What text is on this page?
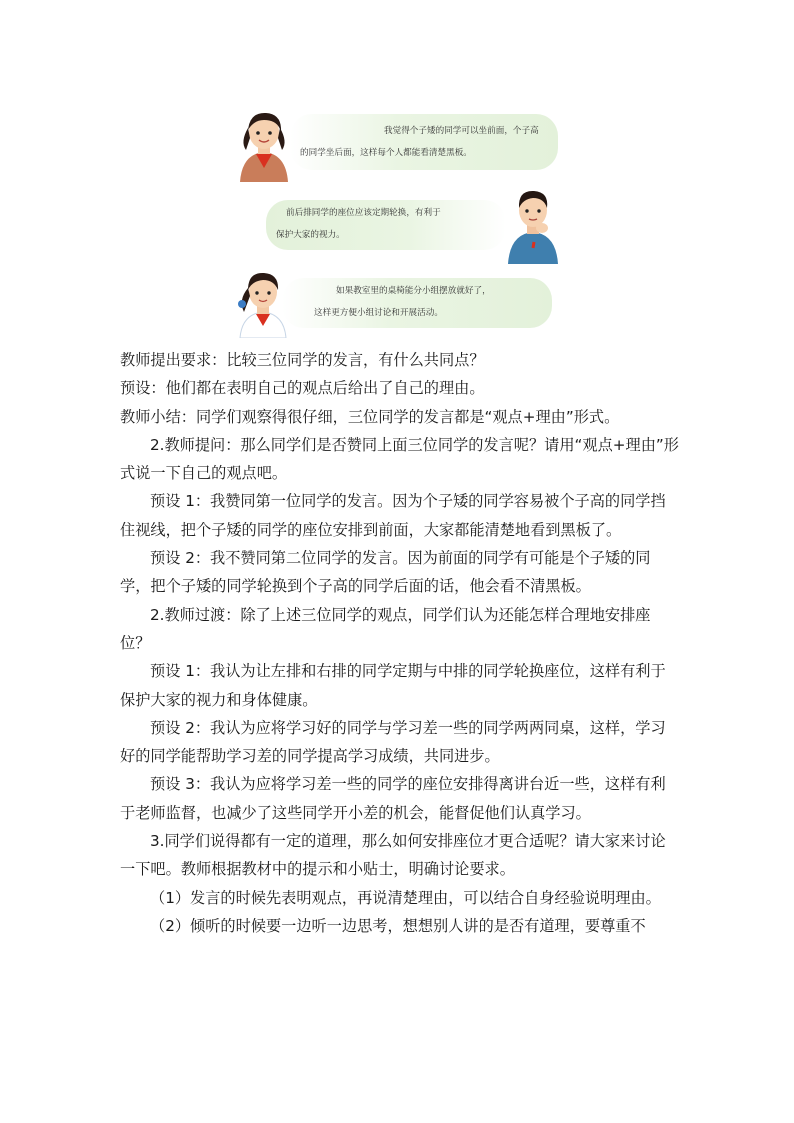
我觉得个子矮的同学可以坐前面，个子高
的同学坐后面，这样每个人都能看清楚黑板。
前后排同学的座位应该定期轮换，有利于
保护大家的视力。
如果教室里的桌椅能分小组摆放就好了，
这样更方便小组讨论和开展活动。

教师提出要求：比较三位同学的发言，有什么共同点？

预设：他们都在表明自己的观点后给出了自己的理由。

教师小结：同学们观察得很仔细，三位同学的发言都是“观点+理由”形式。

2.教师提问：那么同学们是否赞同上面三位同学的发言呢？请用“观点+理由”形式说一下自己的观点吧。

预设 1：我赞同第一位同学的发言。因为个子矮的同学容易被个子高的同学挡住视线，把个子矮的同学的座位安排到前面，大家都能清楚地看到黑板了。

预设 2：我不赞同第二位同学的发言。因为前面的同学有可能是个子矮的同学，把个子矮的同学轮换到个子高的同学后面的话，他会看不清黑板。

2.教师过渡：除了上述三位同学的观点，同学们认为还能怎样合理地安排座位？

预设 1：我认为让左排和右排的同学定期与中排的同学轮换座位，这样有利于保护大家的视力和身体健康。

预设 2：我认为应将学习好的同学与学习差一些的同学两两同桌，这样，学习好的同学能帮助学习差的同学提高学习成绩，共同进步。

预设 3：我认为应将学习差一些的同学的座位安排得离讲台近一些，这样有利于老师监督，也减少了这些同学开小差的机会，能督促他们认真学习。

3.同学们说得都有一定的道理，那么如何安排座位才更合适呢？请大家来讨论一下吧。教师根据教材中的提示和小贴士，明确讨论要求。

（1）发言的时候先表明观点，再说清楚理由，可以结合自身经验说明理由。

（2）倾听的时候要一边听一边思考，想想别人讲的是否有道理，要尊重不
